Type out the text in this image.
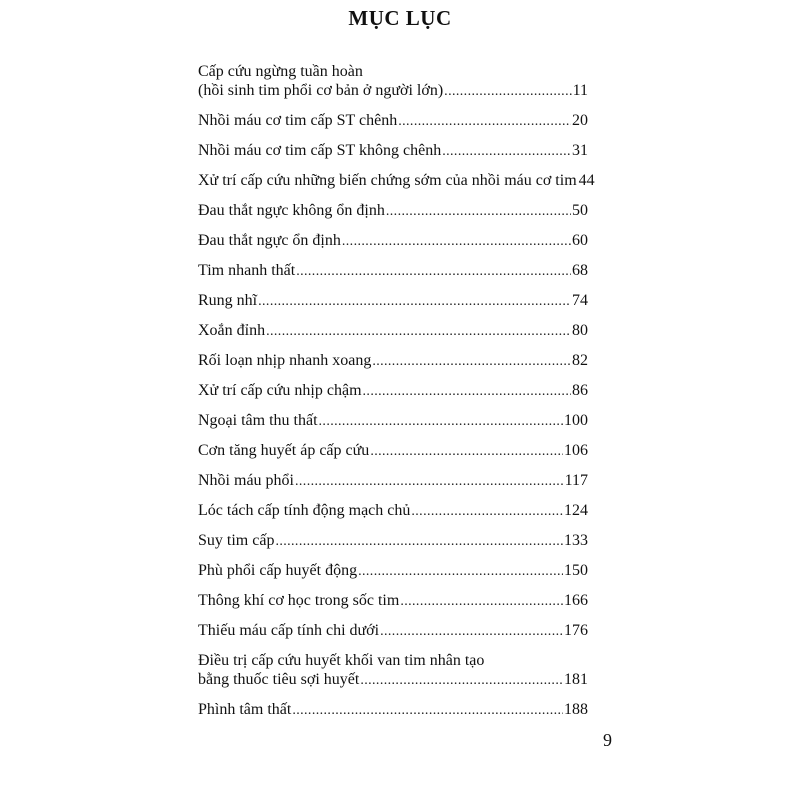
MỤC LỤC
Cấp cứu ngừng tuần hoàn
(hồi sinh tim phổi cơ bản ở người lớn) .....	11
Nhồi máu cơ tim cấp ST chênh .....	20
Nhồi máu cơ tim cấp ST không chênh .....	31
Xử trí cấp cứu những biến chứng sớm của nhồi máu cơ tim 44
Đau thắt ngực không ổn định .....	50
Đau thắt ngực ổn định .....	60
Tim nhanh thất .....	68
Rung nhĩ .....	74
Xoắn đỉnh .....	80
Rối loạn nhịp nhanh xoang .....	82
Xử trí cấp cứu nhịp chậm .....	86
Ngoại tâm thu thất .....	100
Cơn tăng huyết áp cấp cứu .....	106
Nhồi máu phổi .....	117
Lóc tách cấp tính động mạch chủ .....	124
Suy tim cấp .....	133
Phù phổi cấp huyết động .....	150
Thông khí cơ học trong sốc tim .....	166
Thiếu máu cấp tính chi dưới .....	176
Điều trị cấp cứu huyết khối van tim nhân tạo
bằng thuốc tiêu sợi huyết .....	181
Phình tâm thất .....	188
9
